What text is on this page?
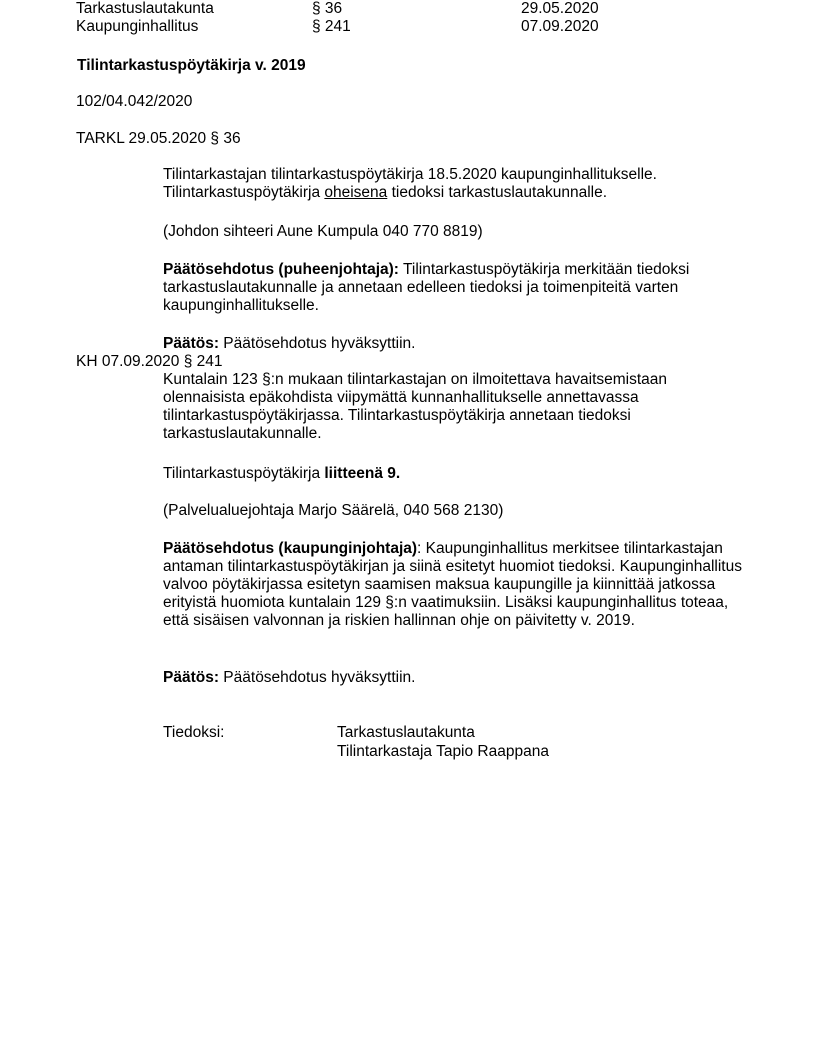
Tarkastuslautakunta	§ 36	29.05.2020
Kaupunginhallitus	§ 241	07.09.2020
Tilintarkastuspöytäkirja v. 2019
102/04.042/2020
TARKL 29.05.2020 § 36

Tilintarkastajan tilintarkastuspöytäkirja 18.5.2020 kaupunginhallitukselle.

Tilintarkastuspöytäkirja oheisena tiedoksi tarkastuslautakunnalle.

(Johdon sihteeri Aune Kumpula 040 770 8819)

Päätösehdotus (puheenjohtaja): Tilintarkastuspöytäkirja merkitään tiedoksi tarkastuslautakunnalle ja annetaan edelleen tiedoksi ja toimenpiteitä varten kaupunginhallitukselle.

Päätös: Päätösehdotus hyväksyttiin.
KH 07.09.2020 § 241
Kuntalain 123 §:n mukaan tilintarkastajan on ilmoitettava havaitsemistaan olennaisista epäkohdista viipymättä kunnanhallitukselle annettavassa tilintarkastuspöytäkirjassa. Tilintarkastuspöytäkirja annetaan tiedoksi tarkastuslautakunnalle.
Tilintarkastuspöytäkirja liitteenä 9.
(Palvelualuejohtaja Marjo Säärelä, 040 568 2130)

Päätösehdotus (kaupunginjohtaja): Kaupunginhallitus merkitsee tilintarkastajan antaman tilintarkastuspöytäkirjan ja siinä esitetyt huomiot tiedoksi. Kaupunginhallitus valvoo pöytäkirjassa esitetyn saamisen maksua kaupungille ja kiinnittää jatkossa erityistä huomiota kuntalain 129 §:n vaatimuksiin. Lisäksi kaupunginhallitus toteaa, että sisäisen valvonnan ja riskien hallinnan ohje on päivitetty v. 2019.

Päätös: Päätösehdotus hyväksyttiin.
Tiedoksi:	Tarkastuslautakunta
Tilintarkastaja Tapio Raappana
